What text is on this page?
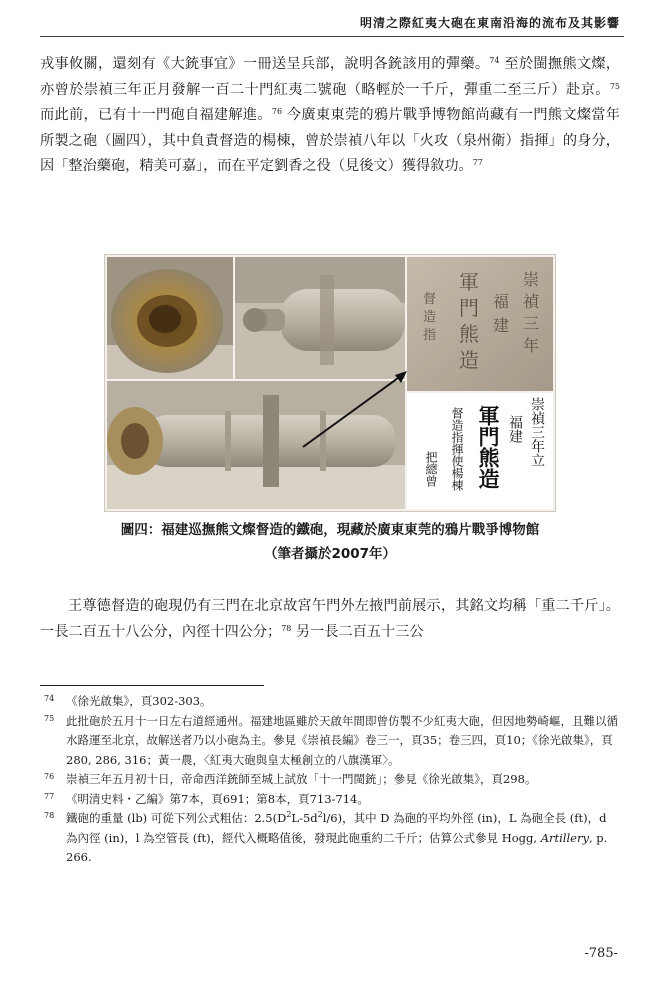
明清之際紅夷大砲在東南沿海的流布及其影響

戎事攸關，還刻有《大銃事宜》一冊送呈兵部，說明各銃該用的彈藥。$^{74}$ 至於閩撫熊文燦，亦曾於崇禎三年正月發解一百二十門紅夷二號砲（略輕於一千斤，彈重二至三斤）赴京。$^{75}$ 而此前，已有十一門砲自福建解進。$^{76}$ 今廣東東莞的鴉片戰爭博物館尚藏有一門熊文燦當年所製之砲（圖四），其中負責督造的楊棟，曾於崇禎八年以「火攻（泉州衛）指揮」的身分，因「整治藥砲，精美可嘉」，而在平定劉香之役（見後文）獲得敘功。$^{77}$

崇
禎
三
年
福
建
軍
門
熊
造
督
造
指
崇禎三年立
福建
軍門熊造
督造指揮使楊棟
把總曾

圖四：福建巡撫熊文燦督造的鐵砲，現藏於廣東東莞的鴉片戰爭博物館
（筆者攝於2007年）

王尊德督造的砲現仍有三門在北京故宮午門外左掖門前展示，其銘文均稱「重二千斤」。一長二百五十八公分，內徑十四公分；$^{78}$ 另一長二百五十三公

74 《徐光啟集》，頁302-303。
75 此批砲於五月十一日左右道經通州。福建地區雖於天啟年間即曾仿製不少紅夷大砲，但因地勢崎嶇，且難以循水路運至北京，故解送者乃以小砲為主。參見《崇禎長編》卷三一，頁35；卷三四，頁10；《徐光啟集》，頁280, 286, 316；黃一農，〈紅夷大砲與皇太極創立的八旗漢軍〉。
76 崇禎三年五月初十日，帝命西洋銃師至城上試放「十一門閩銃」；參見《徐光啟集》，頁298。
77 《明清史料・乙編》第7本，頁691；第8本，頁713-714。
78 鐵砲的重量 (lb) 可從下列公式粗估：$2.5(D^2L-5d^2l/6)$，其中 D 為砲的平均外徑 (in)，L 為砲全長 (ft)，d 為內徑 (in)，l 為空管長 (ft)，經代入概略值後，發現此砲重約二千斤；估算公式參見 Hogg, Artillery, p. 266.
-785-
